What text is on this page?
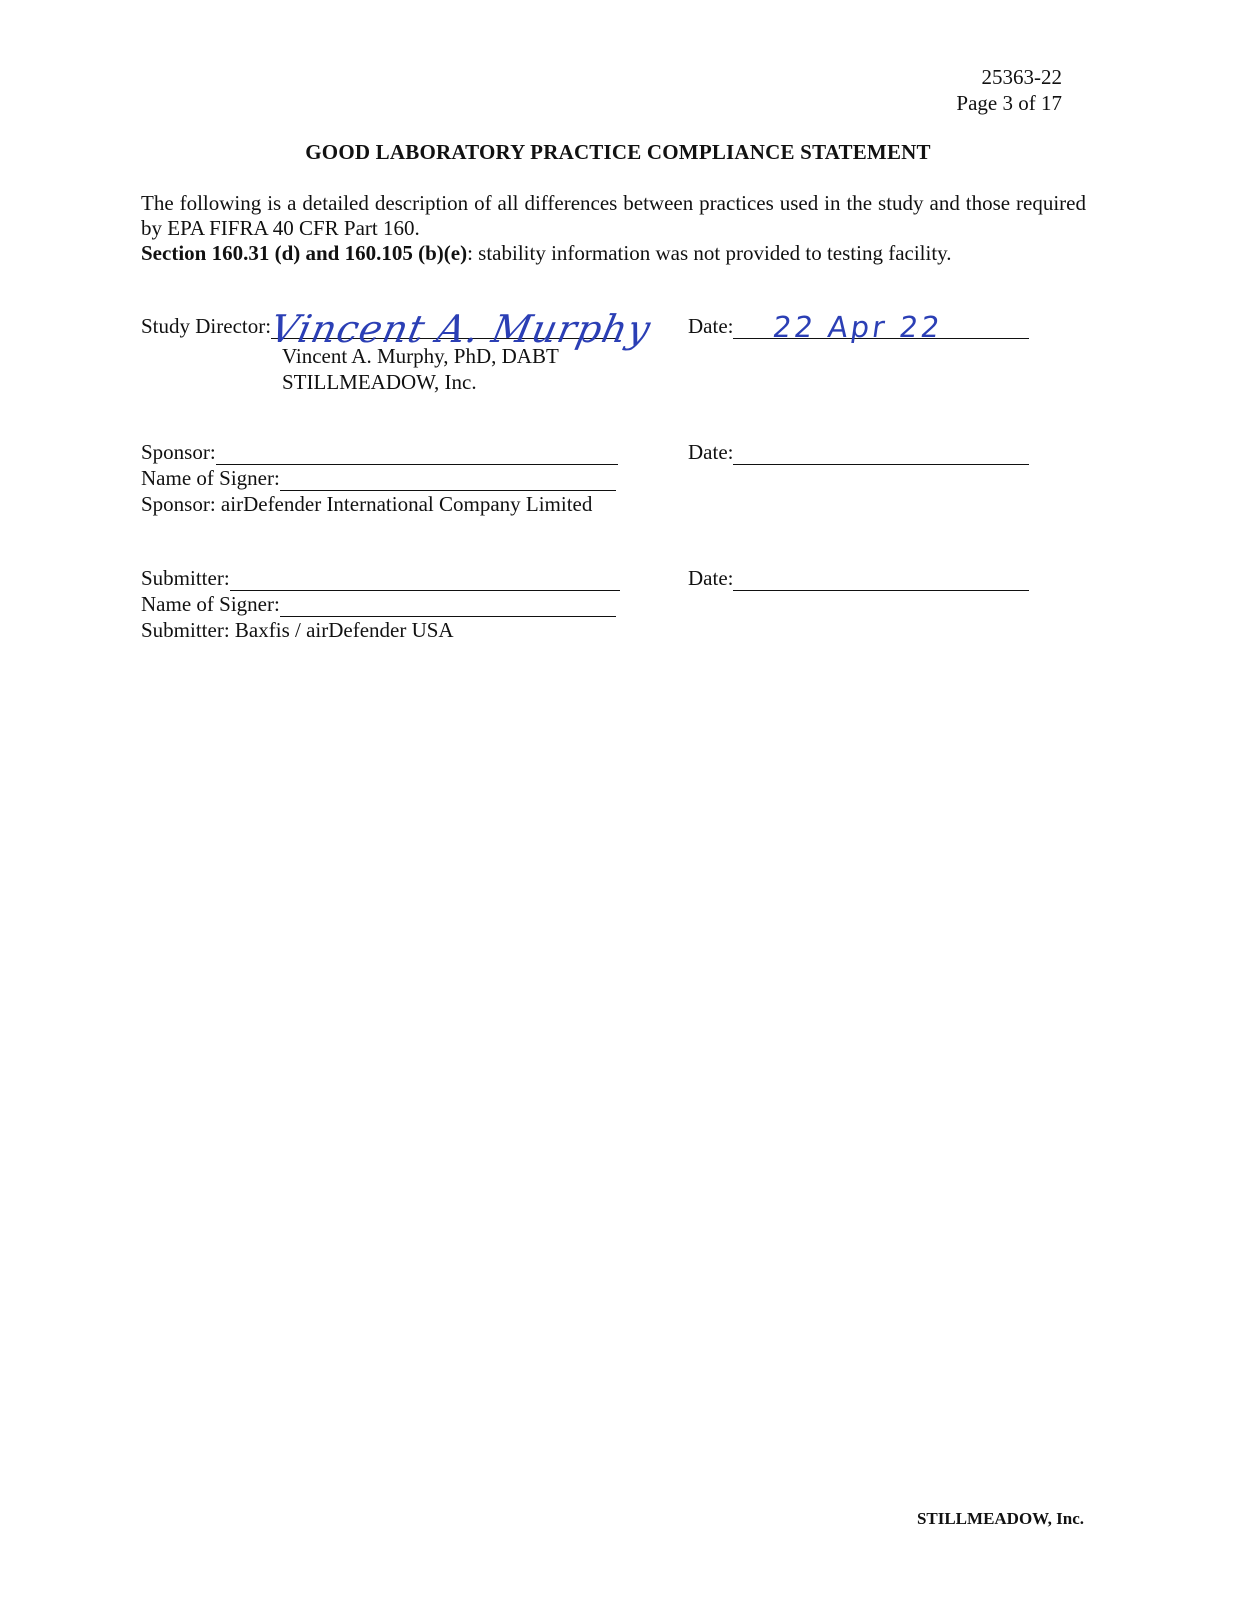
25363-22
Page 3 of 17
GOOD LABORATORY PRACTICE COMPLIANCE STATEMENT

The following is a detailed description of all differences between practices used in the study and those required by EPA FIFRA 40 CFR Part 160.

Section 160.31 (d) and 160.105 (b)(e): stability information was not provided to testing facility.

Study Director:
Vincent A. Murphy
Vincent A. Murphy, PhD, DABT
STILLMEADOW, Inc.
Date: 22 Apr 22
Sponsor:
Name of Signer:
Sponsor: airDefender International Company Limited
Date:
Submitter:
Name of Signer:
Submitter: Baxfis / airDefender USA
Date:
STILLMEADOW, Inc.
